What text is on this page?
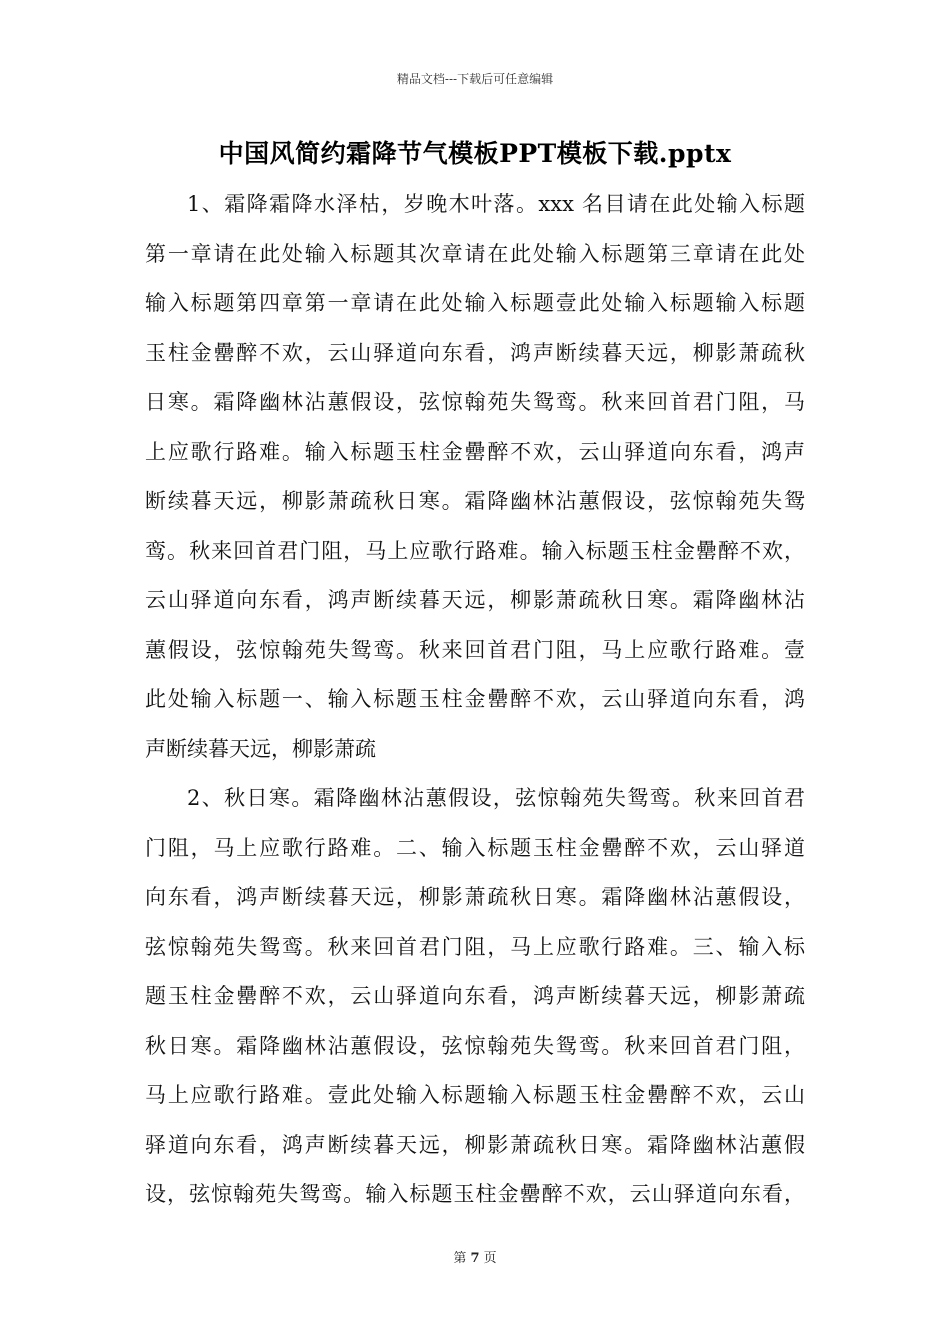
精品文档---下载后可任意编辑
中国风简约霜降节气模板PPT模板下载.pptx
1、霜降霜降水泽枯，岁晚木叶落。xxx 名目请在此处输入标题
第一章请在此处输入标题其次章请在此处输入标题第三章请在此处
输入标题第四章第一章请在此处输入标题壹此处输入标题输入标题
玉柱金罍醉不欢，云山驿道向东看，鸿声断续暮天远，柳影萧疏秋
日寒。霜降幽林沾蕙假设，弦惊翰苑失鸳鸾。秋来回首君门阻，马
上应歌行路难。输入标题玉柱金罍醉不欢，云山驿道向东看，鸿声
断续暮天远，柳影萧疏秋日寒。霜降幽林沾蕙假设，弦惊翰苑失鸳
鸾。秋来回首君门阻，马上应歌行路难。输入标题玉柱金罍醉不欢，
云山驿道向东看，鸿声断续暮天远，柳影萧疏秋日寒。霜降幽林沾
蕙假设，弦惊翰苑失鸳鸾。秋来回首君门阻，马上应歌行路难。壹
此处输入标题一、输入标题玉柱金罍醉不欢，云山驿道向东看，鸿
声断续暮天远，柳影萧疏
2、秋日寒。霜降幽林沾蕙假设，弦惊翰苑失鸳鸾。秋来回首君
门阻，马上应歌行路难。二、输入标题玉柱金罍醉不欢，云山驿道
向东看，鸿声断续暮天远，柳影萧疏秋日寒。霜降幽林沾蕙假设，
弦惊翰苑失鸳鸾。秋来回首君门阻，马上应歌行路难。三、输入标
题玉柱金罍醉不欢，云山驿道向东看，鸿声断续暮天远，柳影萧疏
秋日寒。霜降幽林沾蕙假设，弦惊翰苑失鸳鸾。秋来回首君门阻，
马上应歌行路难。壹此处输入标题输入标题玉柱金罍醉不欢，云山
驿道向东看，鸿声断续暮天远，柳影萧疏秋日寒。霜降幽林沾蕙假
设，弦惊翰苑失鸳鸾。输入标题玉柱金罍醉不欢，云山驿道向东看，
第 7 页
